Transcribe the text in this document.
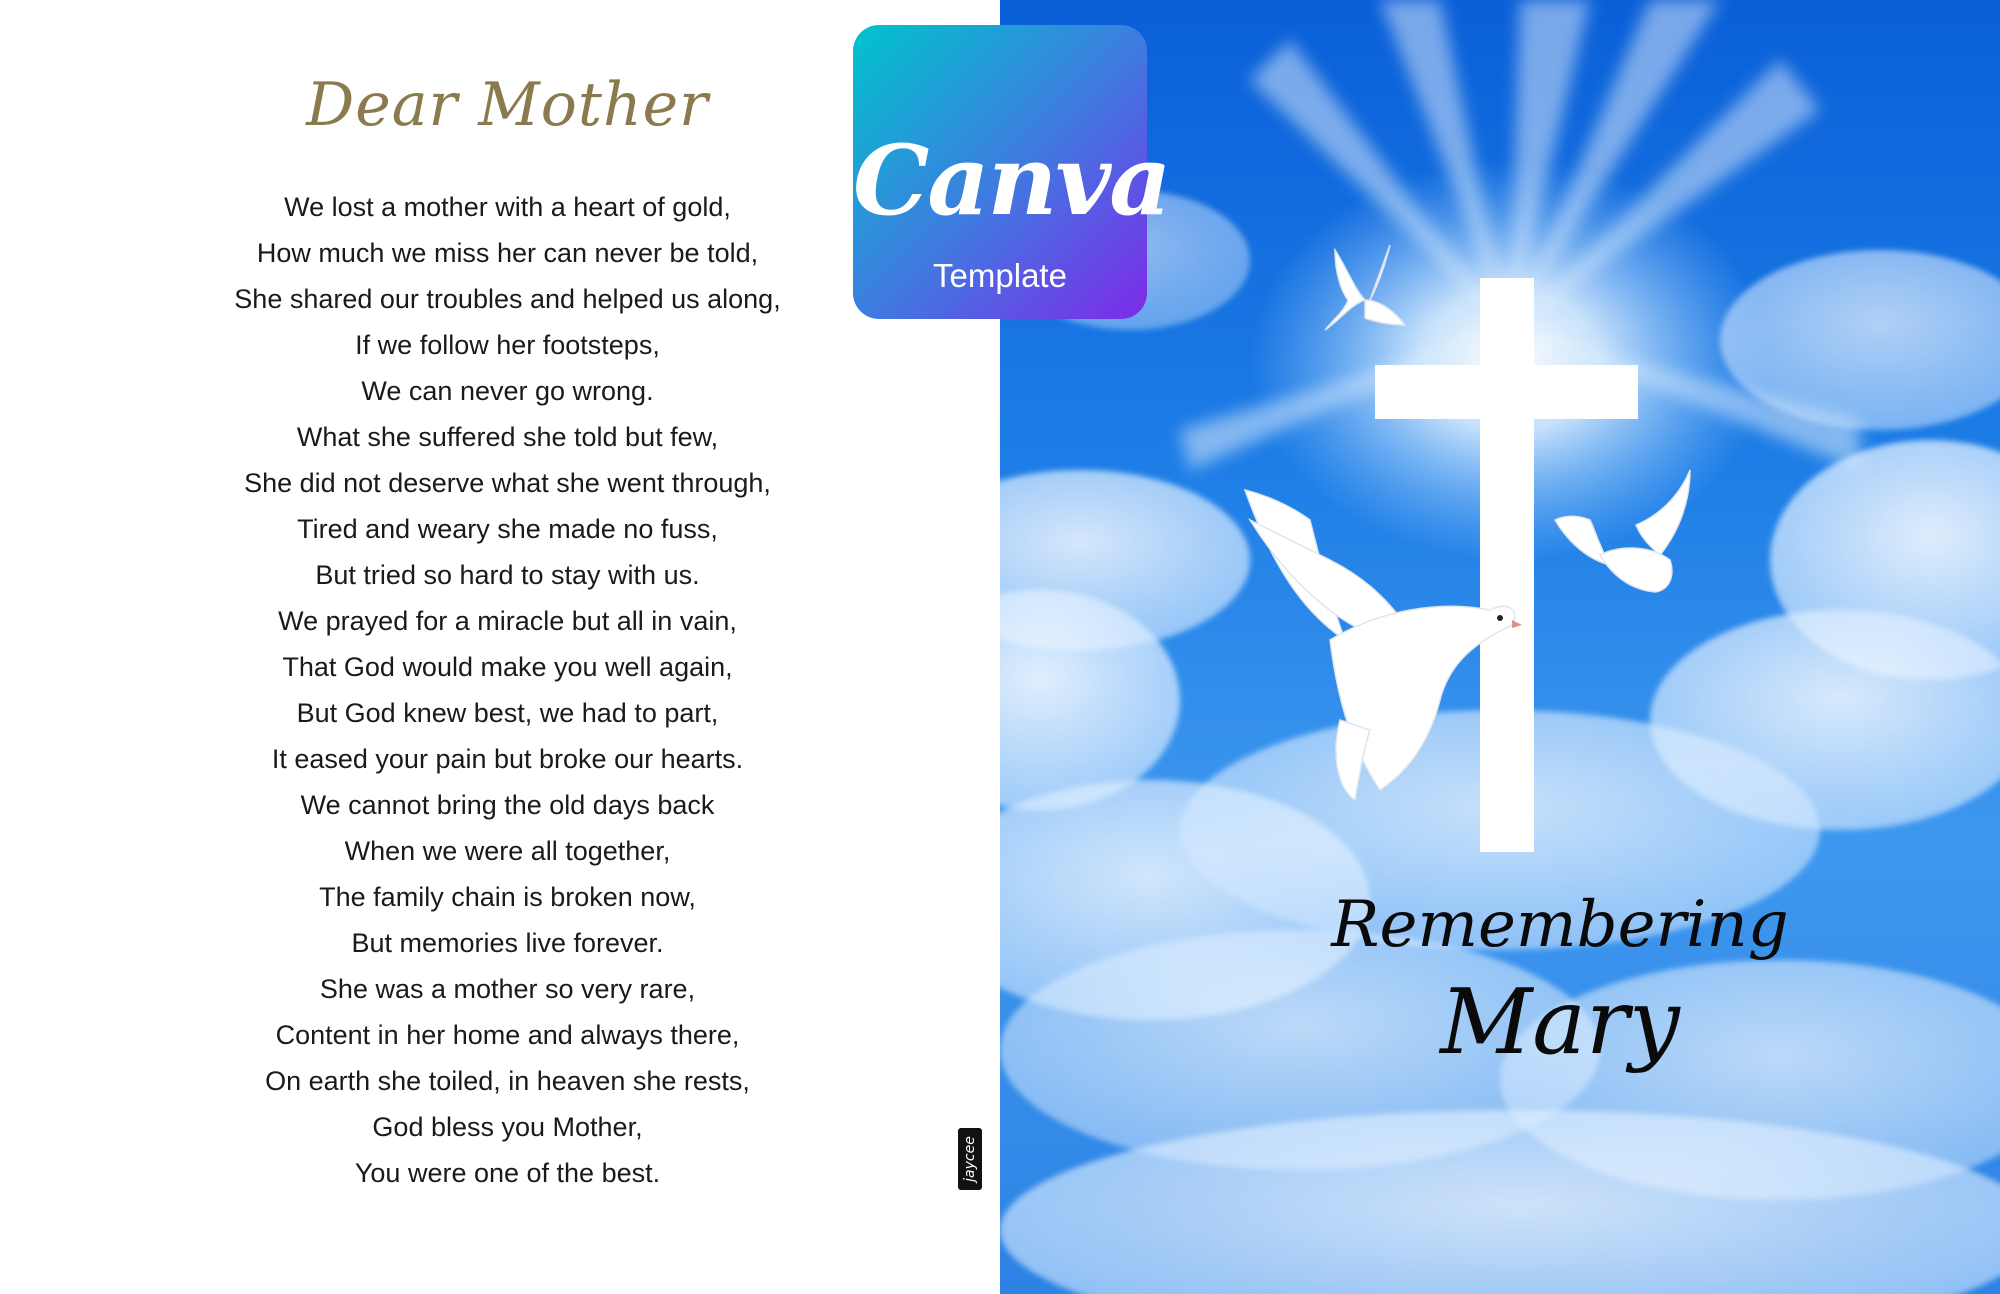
Dear Mother
We lost a mother with a heart of gold,
How much we miss her can never be told,
She shared our troubles and helped us along,
If we follow her footsteps,
We can never go wrong.
What she suffered she told but few,
She did not deserve what she went through,
Tired and weary she made no fuss,
But tried so hard to stay with us.
We prayed for a miracle but all in vain,
That God would make you well again,
But God knew best, we had to part,
It eased your pain but broke our hearts.
We cannot bring the old days back
When we were all together,
The family chain is broken now,
But memories live forever.
She was a mother so very rare,
Content in her home and always there,
On earth she toiled, in heaven she rests,
God bless you Mother,
You were one of the best.	jaycee
Remembering
Mary
Canva
Template
